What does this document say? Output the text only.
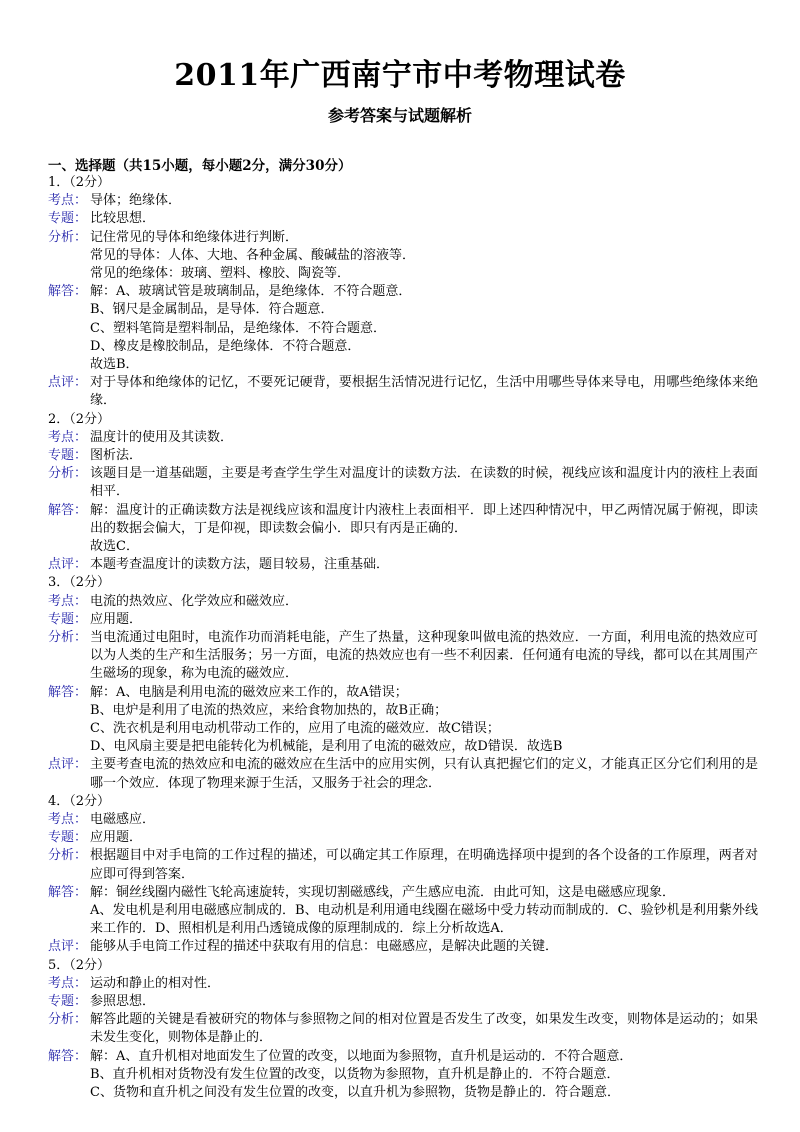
2011年广西南宁市中考物理试卷
参考答案与试题解析
一、选择题（共15小题，每小题2分，满分30分）
1．（2分）
考点： 导体；绝缘体．
专题： 比较思想．
分析： 记住常见的导体和绝缘体进行判断．
常见的导体：人体、大地、各种金属、酸碱盐的溶液等．
常见的绝缘体：玻璃、塑料、橡胶、陶瓷等．
解答： 解：A、玻璃试管是玻璃制品，是绝缘体．不符合题意．
B、钢尺是金属制品，是导体．符合题意．
C、塑料笔筒是塑料制品，是绝缘体．不符合题意．
D、橡皮是橡胶制品，是绝缘体．不符合题意．
故选B．
点评： 对于导体和绝缘体的记忆，不要死记硬背，要根据生活情况进行记忆，生活中用哪些导体来导电，用哪些绝缘体来绝缘．
2．（2分）
考点： 温度计的使用及其读数．
专题： 图析法．
分析： 该题目是一道基础题，主要是考查学生学生对温度计的读数方法．在读数的时候，视线应该和温度计内的液柱上表面相平．
解答： 解：温度计的正确读数方法是视线应该和温度计内液柱上表面相平．即上述四种情况中，甲乙两情况属于俯视，即读出的数据会偏大，丁是仰视，即读数会偏小．即只有丙是正确的．
故选C．
点评： 本题考查温度计的读数方法，题目较易，注重基础．
3．（2分）
考点： 电流的热效应、化学效应和磁效应．
专题： 应用题．
分析： 当电流通过电阻时，电流作功而消耗电能，产生了热量，这种现象叫做电流的热效应．一方面，利用电流的热效应可以为人类的生产和生活服务；另一方面，电流的热效应也有一些不利因素．任何通有电流的导线，都可以在其周围产生磁场的现象，称为电流的磁效应．
解答： 解：A、电脑是利用电流的磁效应来工作的，故A错误；
B、电炉是利用了电流的热效应，来给食物加热的，故B正确；
C、洗衣机是利用电动机带动工作的，应用了电流的磁效应．故C错误；
D、电风扇主要是把电能转化为机械能，是利用了电流的磁效应，故D错误．故选B
点评： 主要考查电流的热效应和电流的磁效应在生活中的应用实例，只有认真把握它们的定义，才能真正区分它们利用的是哪一个效应．体现了物理来源于生活，又服务于社会的理念．
4．（2分）
考点： 电磁感应．
专题： 应用题．
分析： 根据题目中对手电筒的工作过程的描述，可以确定其工作原理，在明确选择项中提到的各个设备的工作原理，两者对应即可得到答案．
解答： 解：铜丝线圈内磁性飞轮高速旋转，实现切割磁感线，产生感应电流．由此可知，这是电磁感应现象．
A、发电机是利用电磁感应制成的．B、电动机是利用通电线圈在磁场中受力转动而制成的．C、验钞机是利用紫外线来工作的．D、照相机是利用凸透镜成像的原理制成的．综上分析故选A．
点评： 能够从手电筒工作过程的描述中获取有用的信息：电磁感应，是解决此题的关键．
5．（2分）
考点： 运动和静止的相对性．
专题： 参照思想．
分析： 解答此题的关键是看被研究的物体与参照物之间的相对位置是否发生了改变，如果发生改变，则物体是运动的；如果未发生变化，则物体是静止的．
解答： 解：A、直升机相对地面发生了位置的改变，以地面为参照物，直升机是运动的．不符合题意．
B、直升机相对货物没有发生位置的改变，以货物为参照物，直升机是静止的．不符合题意．
C、货物和直升机之间没有发生位置的改变，以直升机为参照物，货物是静止的．符合题意．
